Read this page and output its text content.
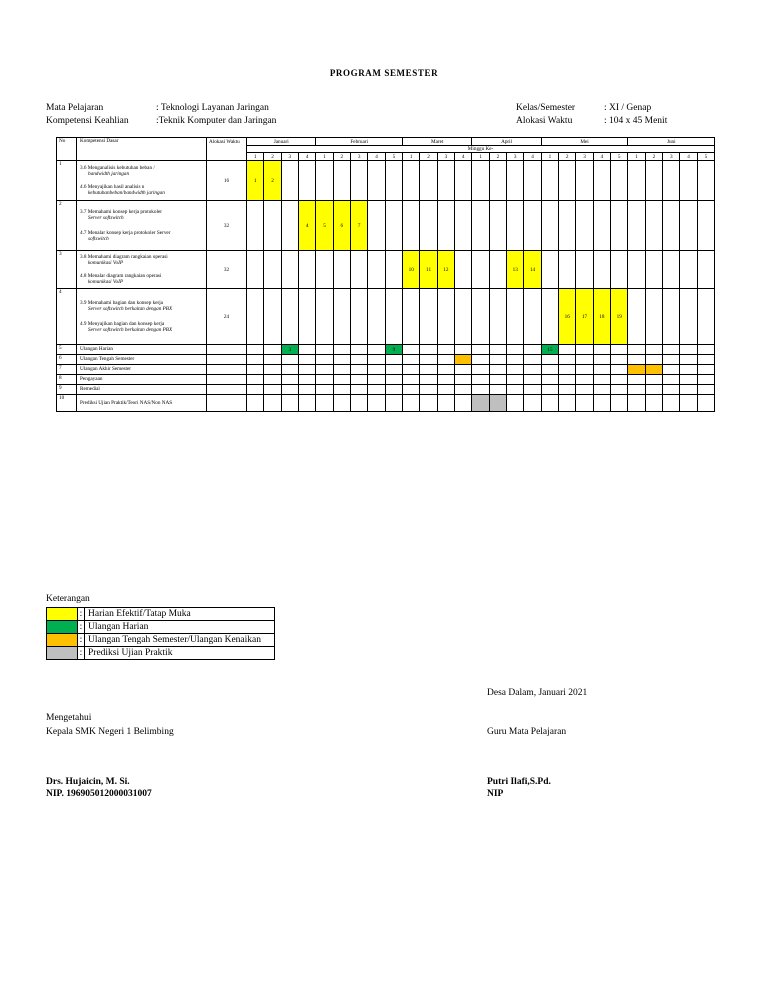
PROGRAM SEMESTER
Mata Pelajaran	: Teknologi Layanan Jaringan
Kompetensi Keahlian	:Teknik Komputer dan Jaringan
Kelas/Semester	: XI / Genap
Alokasi Waktu	: 104 x 45 Menit
No	Kompetensi Dasar	Alokasi Waktu	Januari				Februari					Maret				April				Mei					Juni				
			Minggu Ke-																										
			1	2	3	4	1	2	3	4	5	1	2	3	4	1	2	3	4	1	2	3	4	5	1	2	3	4	5
1	3.6 Menganalisis kebutuhan beban /
bandwidth jaringan
4.6 Menyajikan hasil analisis n
kebutuhanbeban/bandwidth jaringan	16	1	2																									
2	3.7 Memahami konsep kerja protokoler
Server softswitch
4.7 Menalar konsep kerja protokoler Server
softswitch	32				4	5	6	7																				
3	3.8 Memahami diagram rangkaian operasi
komunikasi VoIP
4.8 Menalar diagram rangkaian operasi
komunikasi VoIP	32										10	11	12				13	14										
4	3.9 Memahami bagian dan konsep kerja
Server softswitch berkaitan dengan PBX
4.9 Menyajikan bagian dan konsep kerja
Server softswitch berkaitan dengan PBX	24																			16	17	18	19					
5	Ulangan Harian				3						9									15									
6	Ulangan Tengah Semester																												
7	Ulangan Akhir Semester																												
8	Pengayaan																												
9	Remedial																												
10	Prediksi Ujian Praktik/Teori NAS/Non NAS																												
Keterangan
	:	Harian Efektif/Tatap Muka
	:	Ulangan Harian
	:	Ulangan Tengah Semester/Ulangan Kenaikan
	:	Prediksi Ujian Praktik
Desa Dalam, Januari 2021
Mengetahui
Kepala SMK Negeri 1 Belimbing	Guru Mata Pelajaran
Drs. Hujaicin, M. Si.
NIP. 196905012000031007
Putri Ilafi,S.Pd.
NIP
